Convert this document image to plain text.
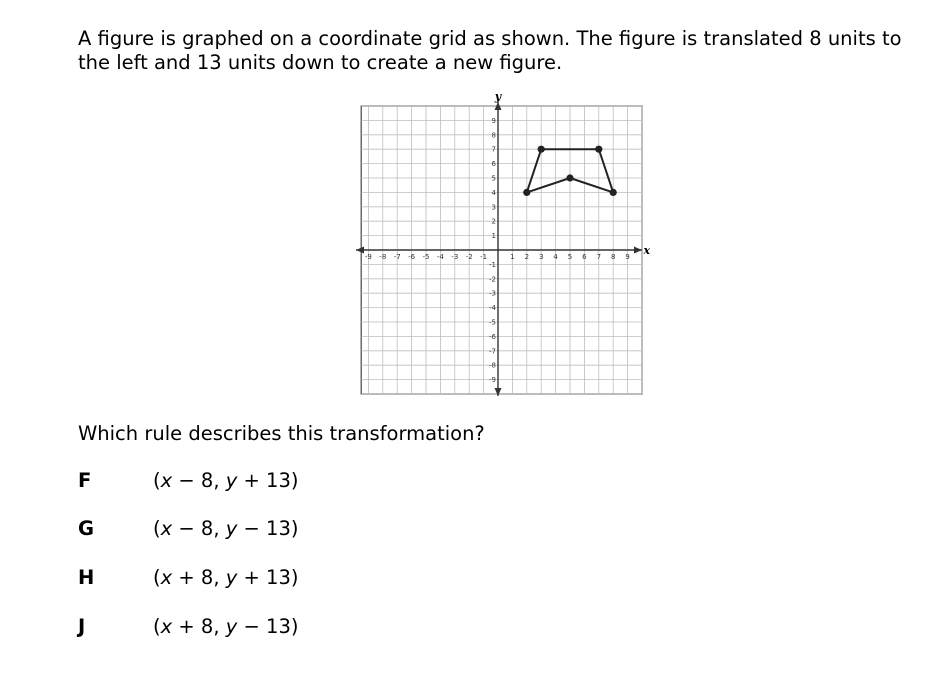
A figure is graphed on a coordinate grid as shown. The figure is translated 8 units to the left and 13 units down to create a new figure.
-9 -8 -7 -6 -5 -4 -3 -2 -1	1 2 3 4 5 6 7 8 9
-9
-8
-7
-6
-5
-4
-3
-2
-1
1
2
3
4
5
6
7
8
9
x
y
Which rule describes this transformation?
F	(x − 8, y + 13)
G	(x − 8, y − 13)
H	(x + 8, y + 13)
J	(x + 8, y − 13)
